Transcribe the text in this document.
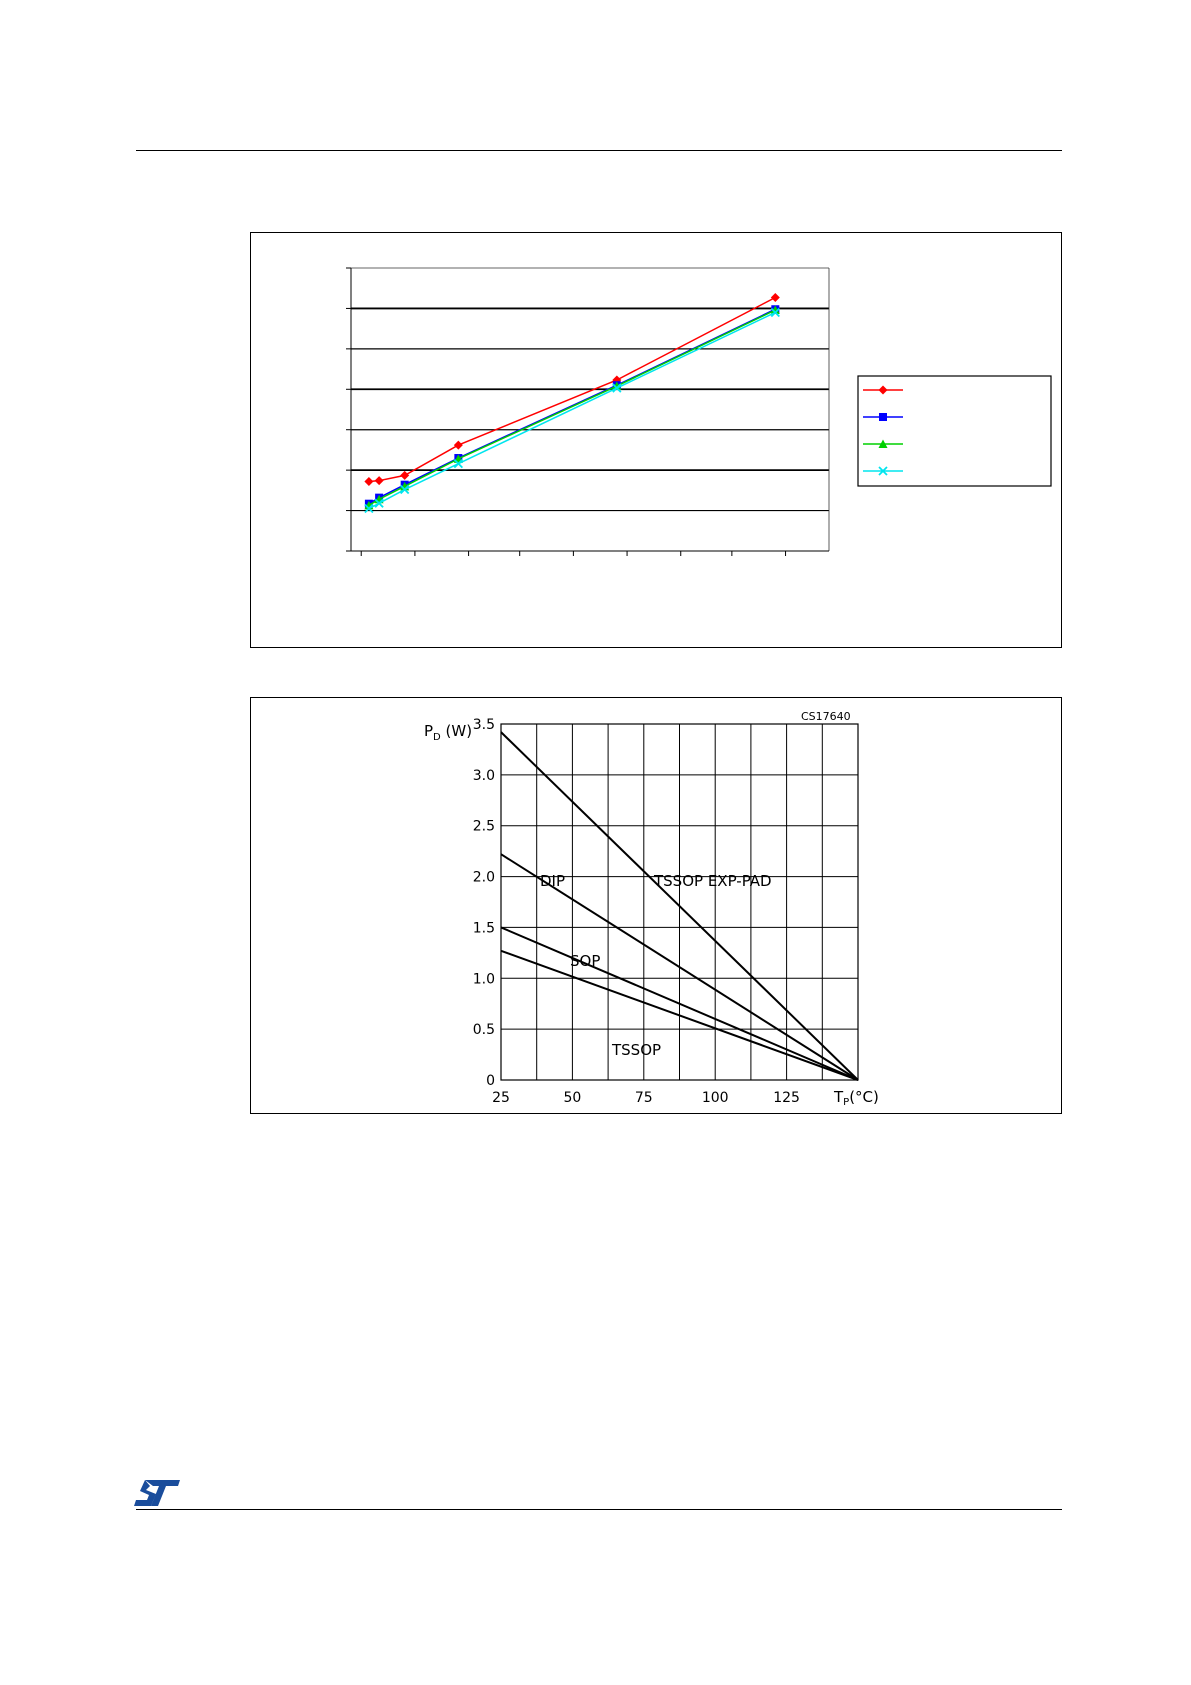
0
0.5
1.0
1.5
2.0
2.5
3.0
3.5
25	50	75	100	125
$P_D$ (W)
$T_P(^\circ C)$
CS17640
DIP	TSSOP EXP-PAD
SOP
TSSOP
